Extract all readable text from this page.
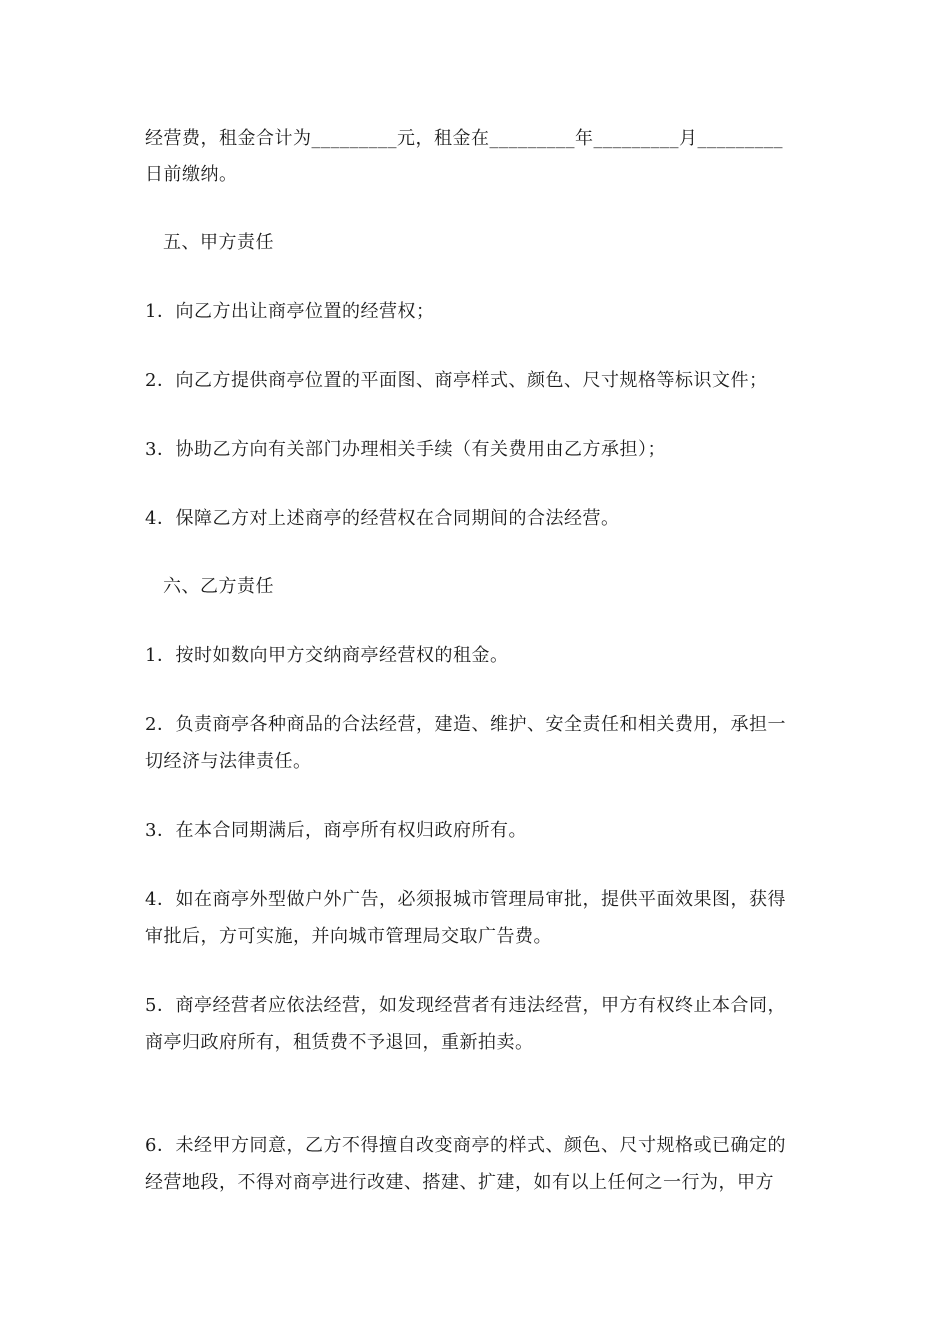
经营费，租金合计为_________元，租金在_________年_________月_________
日前缴纳。
五、甲方责任
1．向乙方出让商亭位置的经营权；
2．向乙方提供商亭位置的平面图、商亭样式、颜色、尺寸规格等标识文件；
3．协助乙方向有关部门办理相关手续（有关费用由乙方承担）；
4．保障乙方对上述商亭的经营权在合同期间的合法经营。
六、乙方责任
1．按时如数向甲方交纳商亭经营权的租金。
2．负责商亭各种商品的合法经营，建造、维护、安全责任和相关费用，承担一
切经济与法律责任。
3．在本合同期满后，商亭所有权归政府所有。
4．如在商亭外型做户外广告，必须报城市管理局审批，提供平面效果图，获得
审批后，方可实施，并向城市管理局交取广告费。
5．商亭经营者应依法经营，如发现经营者有违法经营，甲方有权终止本合同，
商亭归政府所有，租赁费不予退回，重新拍卖。
6．未经甲方同意，乙方不得擅自改变商亭的样式、颜色、尺寸规格或已确定的
经营地段，不得对商亭进行改建、搭建、扩建，如有以上任何之一行为，甲方
